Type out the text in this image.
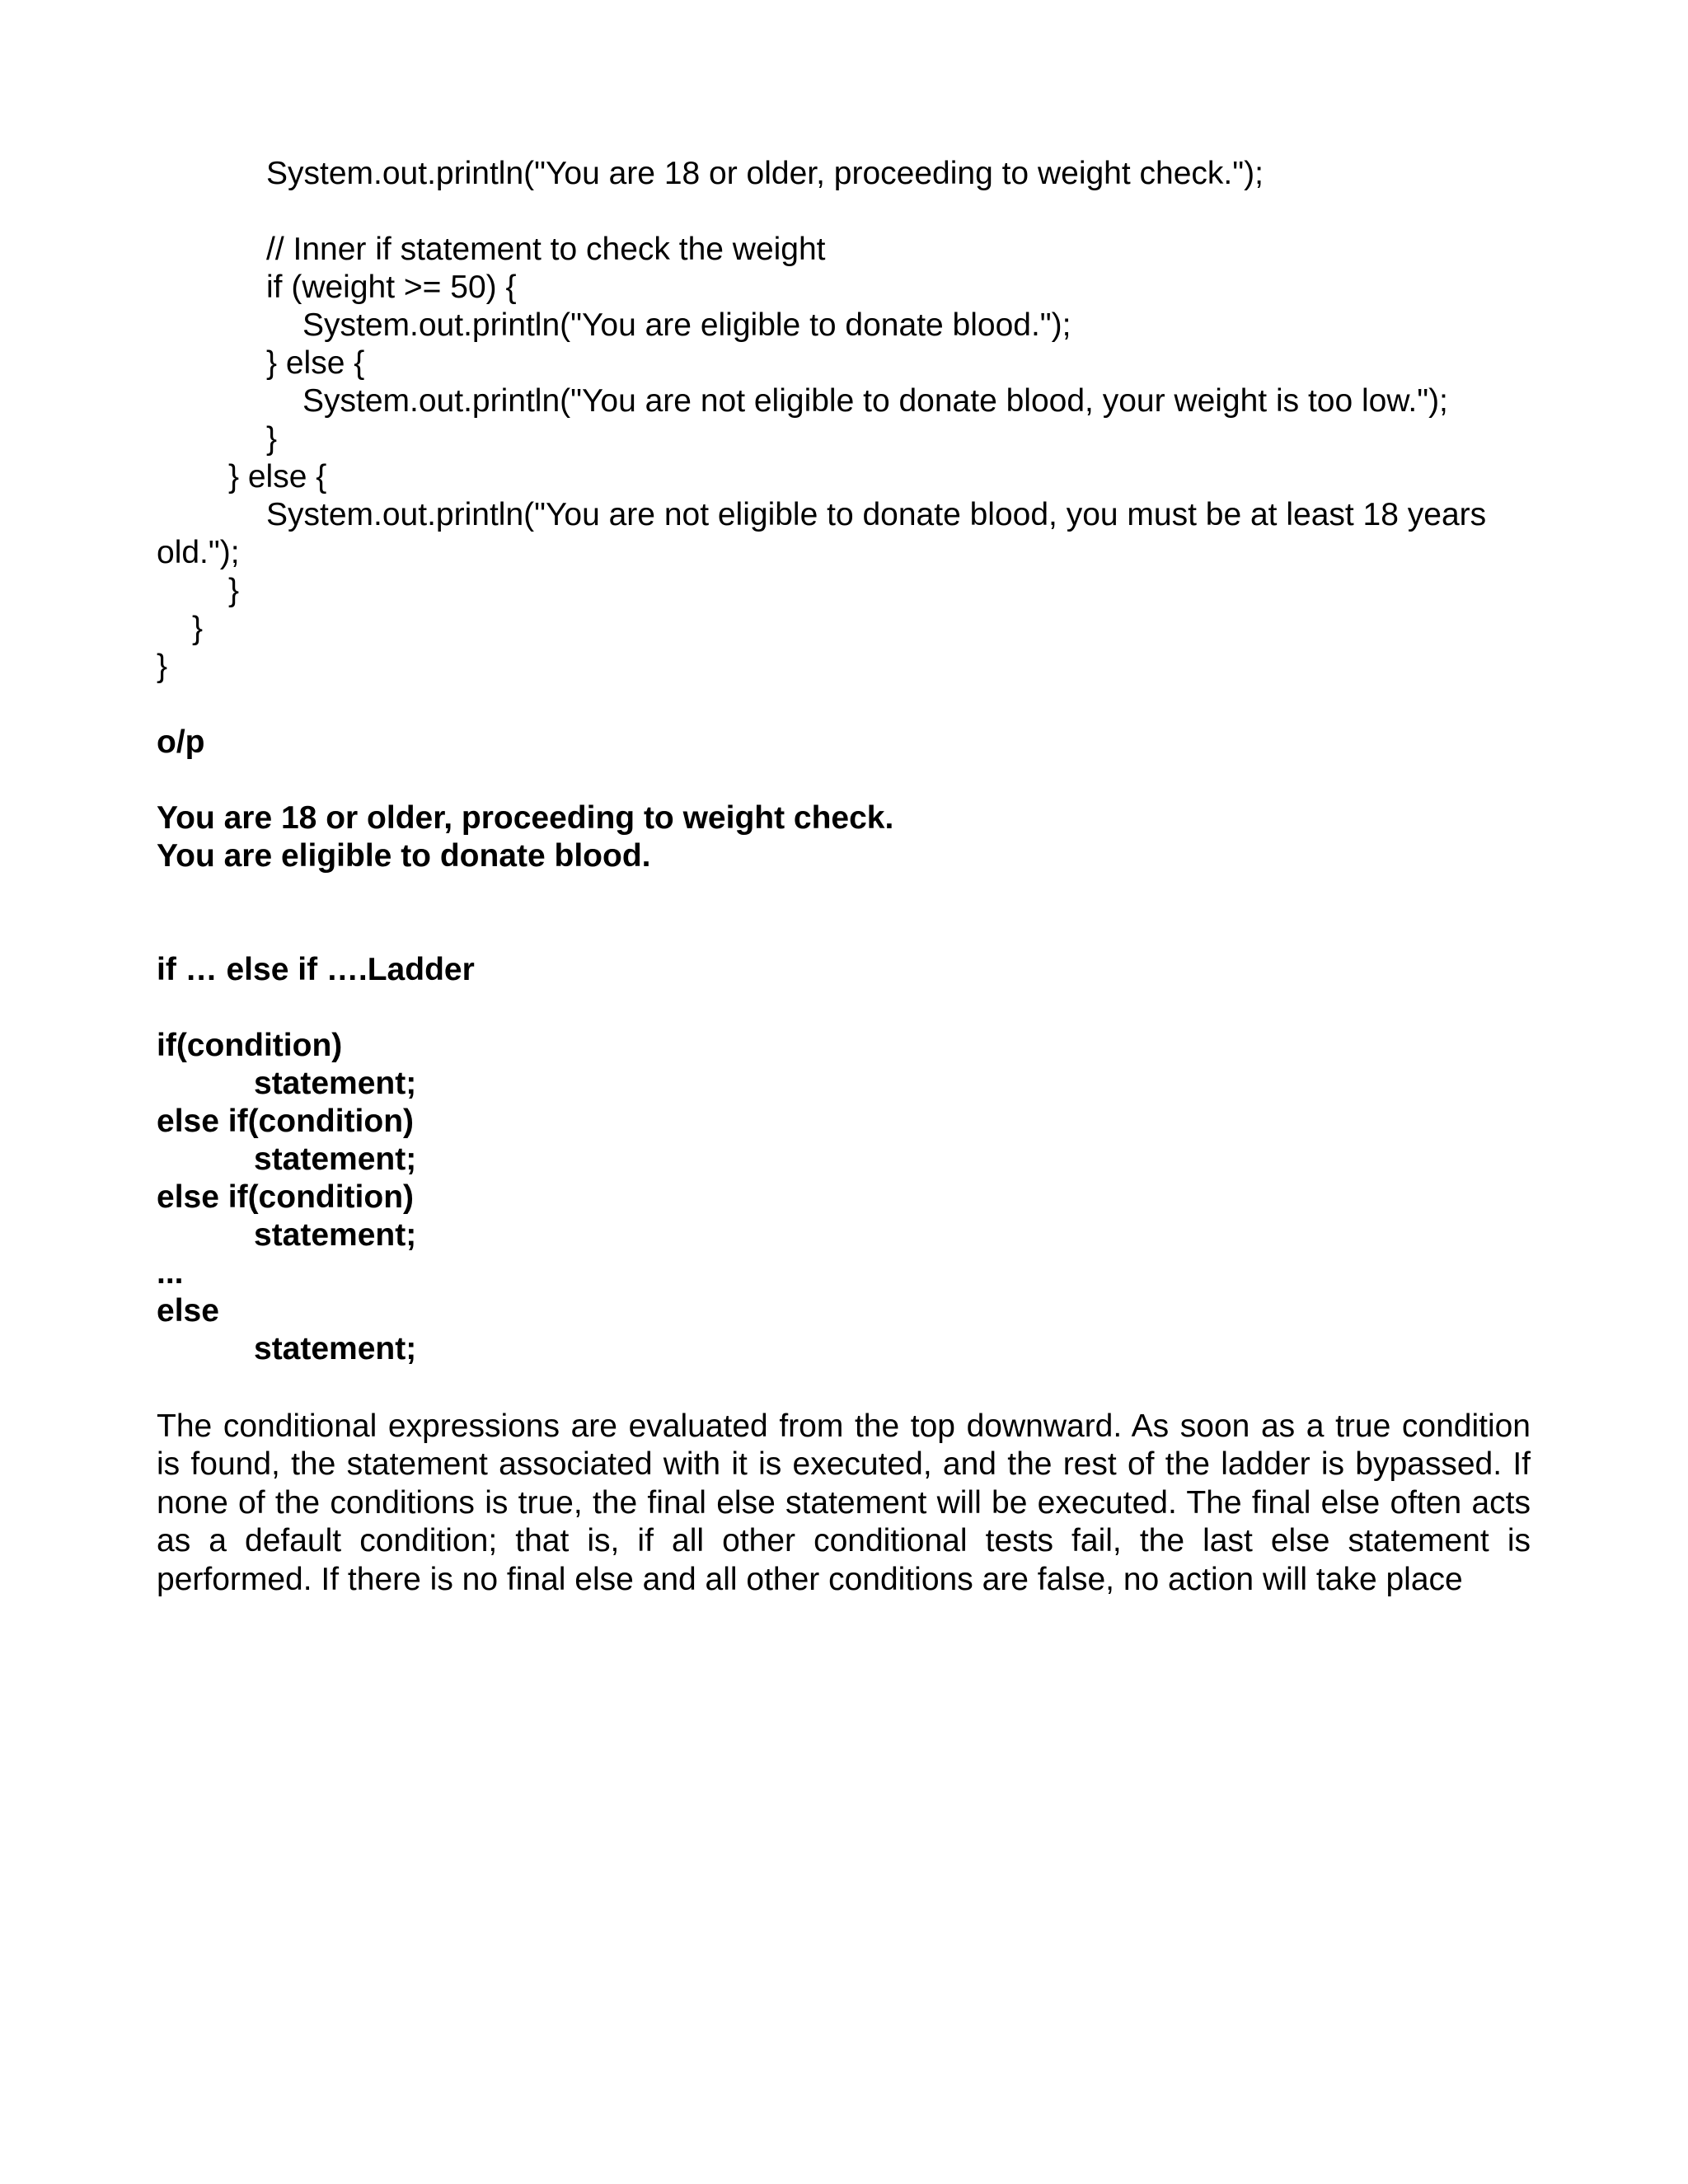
System.out.println("You are 18 or older, proceeding to weight check.");
// Inner if statement to check the weight
if (weight >= 50) {
System.out.println("You are eligible to donate blood.");
} else {
System.out.println("You are not eligible to donate blood, your weight is too low.");
}
} else {
System.out.println("You are not eligible to donate blood, you must be at least 18 years
old.");
}
}
}
o/p
You are 18 or older, proceeding to weight check.
You are eligible to donate blood.
if … else if ….Ladder
if(condition)
statement;
else if(condition)
statement;
else if(condition)
statement;
...
else
statement;
The conditional expressions are evaluated from the top downward. As soon as a true condition is found, the statement associated with it is executed, and the rest of the ladder is bypassed. If none of the conditions is true, the final else statement will be executed. The final else often acts as a default condition; that is, if all other conditional tests fail, the last else statement is performed. If there is no final else and all other conditions are false, no action will take place
